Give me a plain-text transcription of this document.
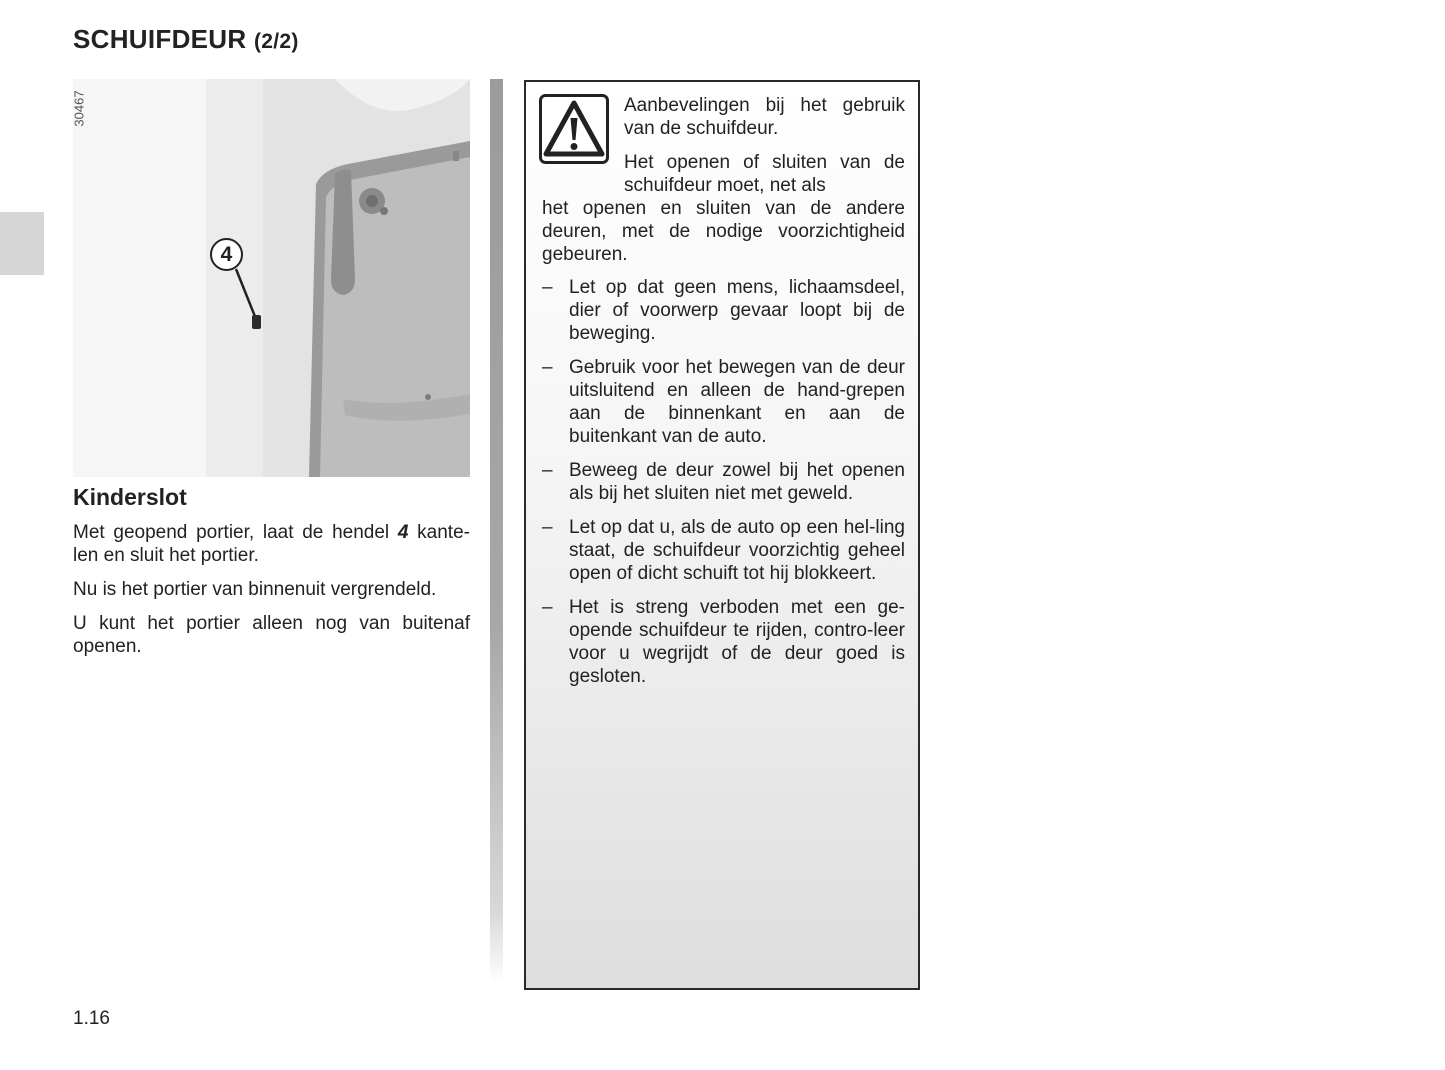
SCHUIFDEUR (2/2)
30467
4
Kinderslot

Met geopend portier, laat de hendel 4 kante-len en sluit het portier.

Nu is het portier van binnenuit vergrendeld.

U kunt het portier alleen nog van buitenaf openen.

Aanbevelingen bij het gebruik van de schuifdeur.

Het openen of sluiten van de schuifdeur moet, net als

het openen en sluiten van de andere deuren, met de nodige voorzichtigheid gebeuren.

– Let op dat geen mens, lichaamsdeel, dier of voorwerp gevaar loopt bij de beweging.
– Gebruik voor het bewegen van de deur uitsluitend en alleen de hand-grepen aan de binnenkant en aan de buitenkant van de auto.
– Beweeg de deur zowel bij het openen als bij het sluiten niet met geweld.
– Let op dat u, als de auto op een hel-ling staat, de schuifdeur voorzichtig geheel open of dicht schuift tot hij blokkeert.
– Het is streng verboden met een ge-opende schuifdeur te rijden, contro-leer voor u wegrijdt of de deur goed is gesloten.
1.16
